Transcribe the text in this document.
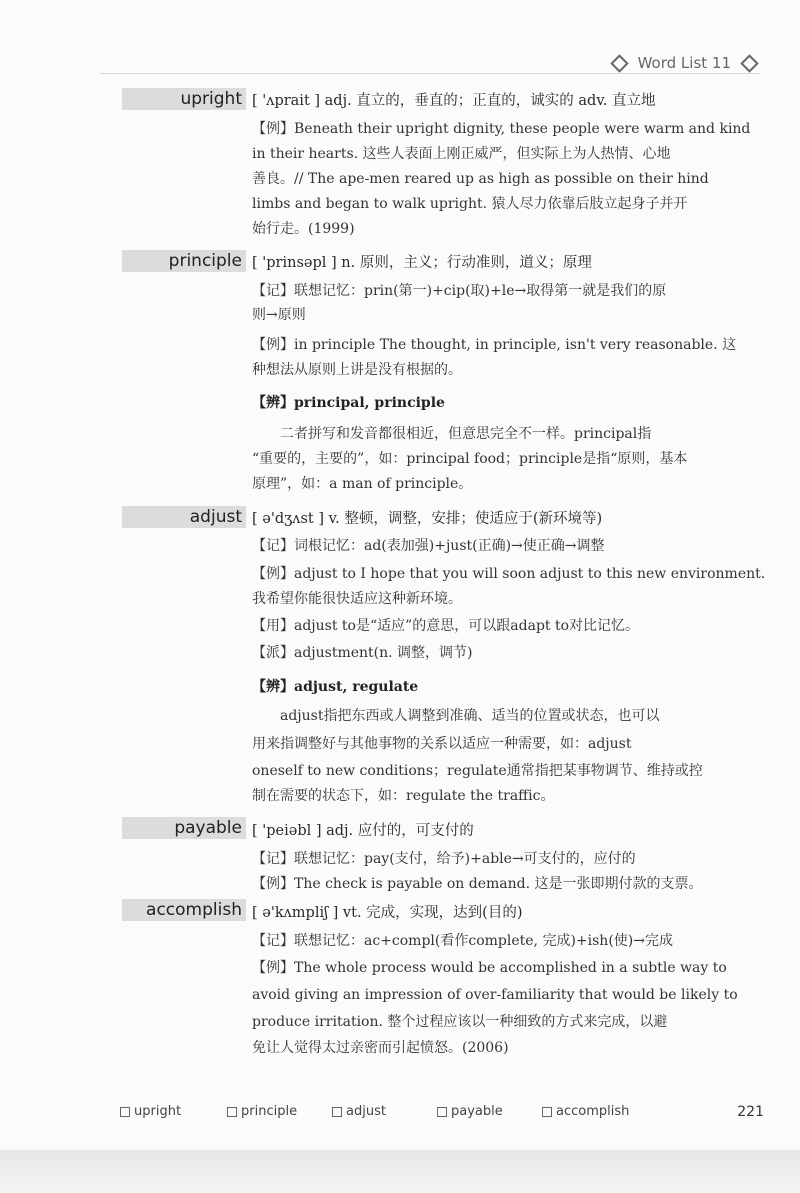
Word List 11
upright [ 'ʌprait ] adj. 直立的，垂直的；正直的，诚实的 adv. 直立地
【例】Beneath their upright dignity, these people were warm and kind
in their hearts. 这些人表面上刚正威严，但实际上为人热情、心地
善良。// The ape-men reared up as high as possible on their hind
limbs and began to walk upright. 猿人尽力依靠后肢立起身子并开
始行走。(1999)
principle [ 'prinsəpl ] n. 原则，主义；行动准则，道义；原理
【记】联想记忆：prin(第一)+cip(取)+le→取得第一就是我们的原
则→原则
【例】in principle The thought, in principle, isn't very reasonable. 这
种想法从原则上讲是没有根据的。
【辨】principal, principle
二者拼写和发音都很相近，但意思完全不一样。principal指
“重要的，主要的”，如：principal food；principle是指“原则，基本
原理”，如：a man of principle。
adjust [ ə'dʒʌst ] v. 整顿，调整，安排；使适应于(新环境等)
【记】词根记忆：ad(表加强)+just(正确)→使正确→调整
【例】adjust to I hope that you will soon adjust to this new environment.
我希望你能很快适应这种新环境。
【用】adjust to是“适应”的意思，可以跟adapt to对比记忆。
【派】adjustment(n. 调整，调节)
【辨】adjust, regulate
adjust指把东西或人调整到准确、适当的位置或状态，也可以
用来指调整好与其他事物的关系以适应一种需要，如：adjust
oneself to new conditions；regulate通常指把某事物调节、维持或控
制在需要的状态下，如：regulate the traffic。
payable [ 'peiəbl ] adj. 应付的，可支付的
【记】联想记忆：pay(支付，给予)+able→可支付的，应付的
【例】The check is payable on demand. 这是一张即期付款的支票。
accomplish [ ə'kʌmpliʃ ] vt. 完成，实现，达到(目的)
【记】联想记忆：ac+compl(看作complete, 完成)+ish(使)→完成
【例】The whole process would be accomplished in a subtle way to
avoid giving an impression of over-familiarity that would be likely to
produce irritation. 整个过程应该以一种细致的方式来完成，以避
免让人觉得太过亲密而引起愤怒。(2006)
upright	principle	adjust	payable	accomplish	221
